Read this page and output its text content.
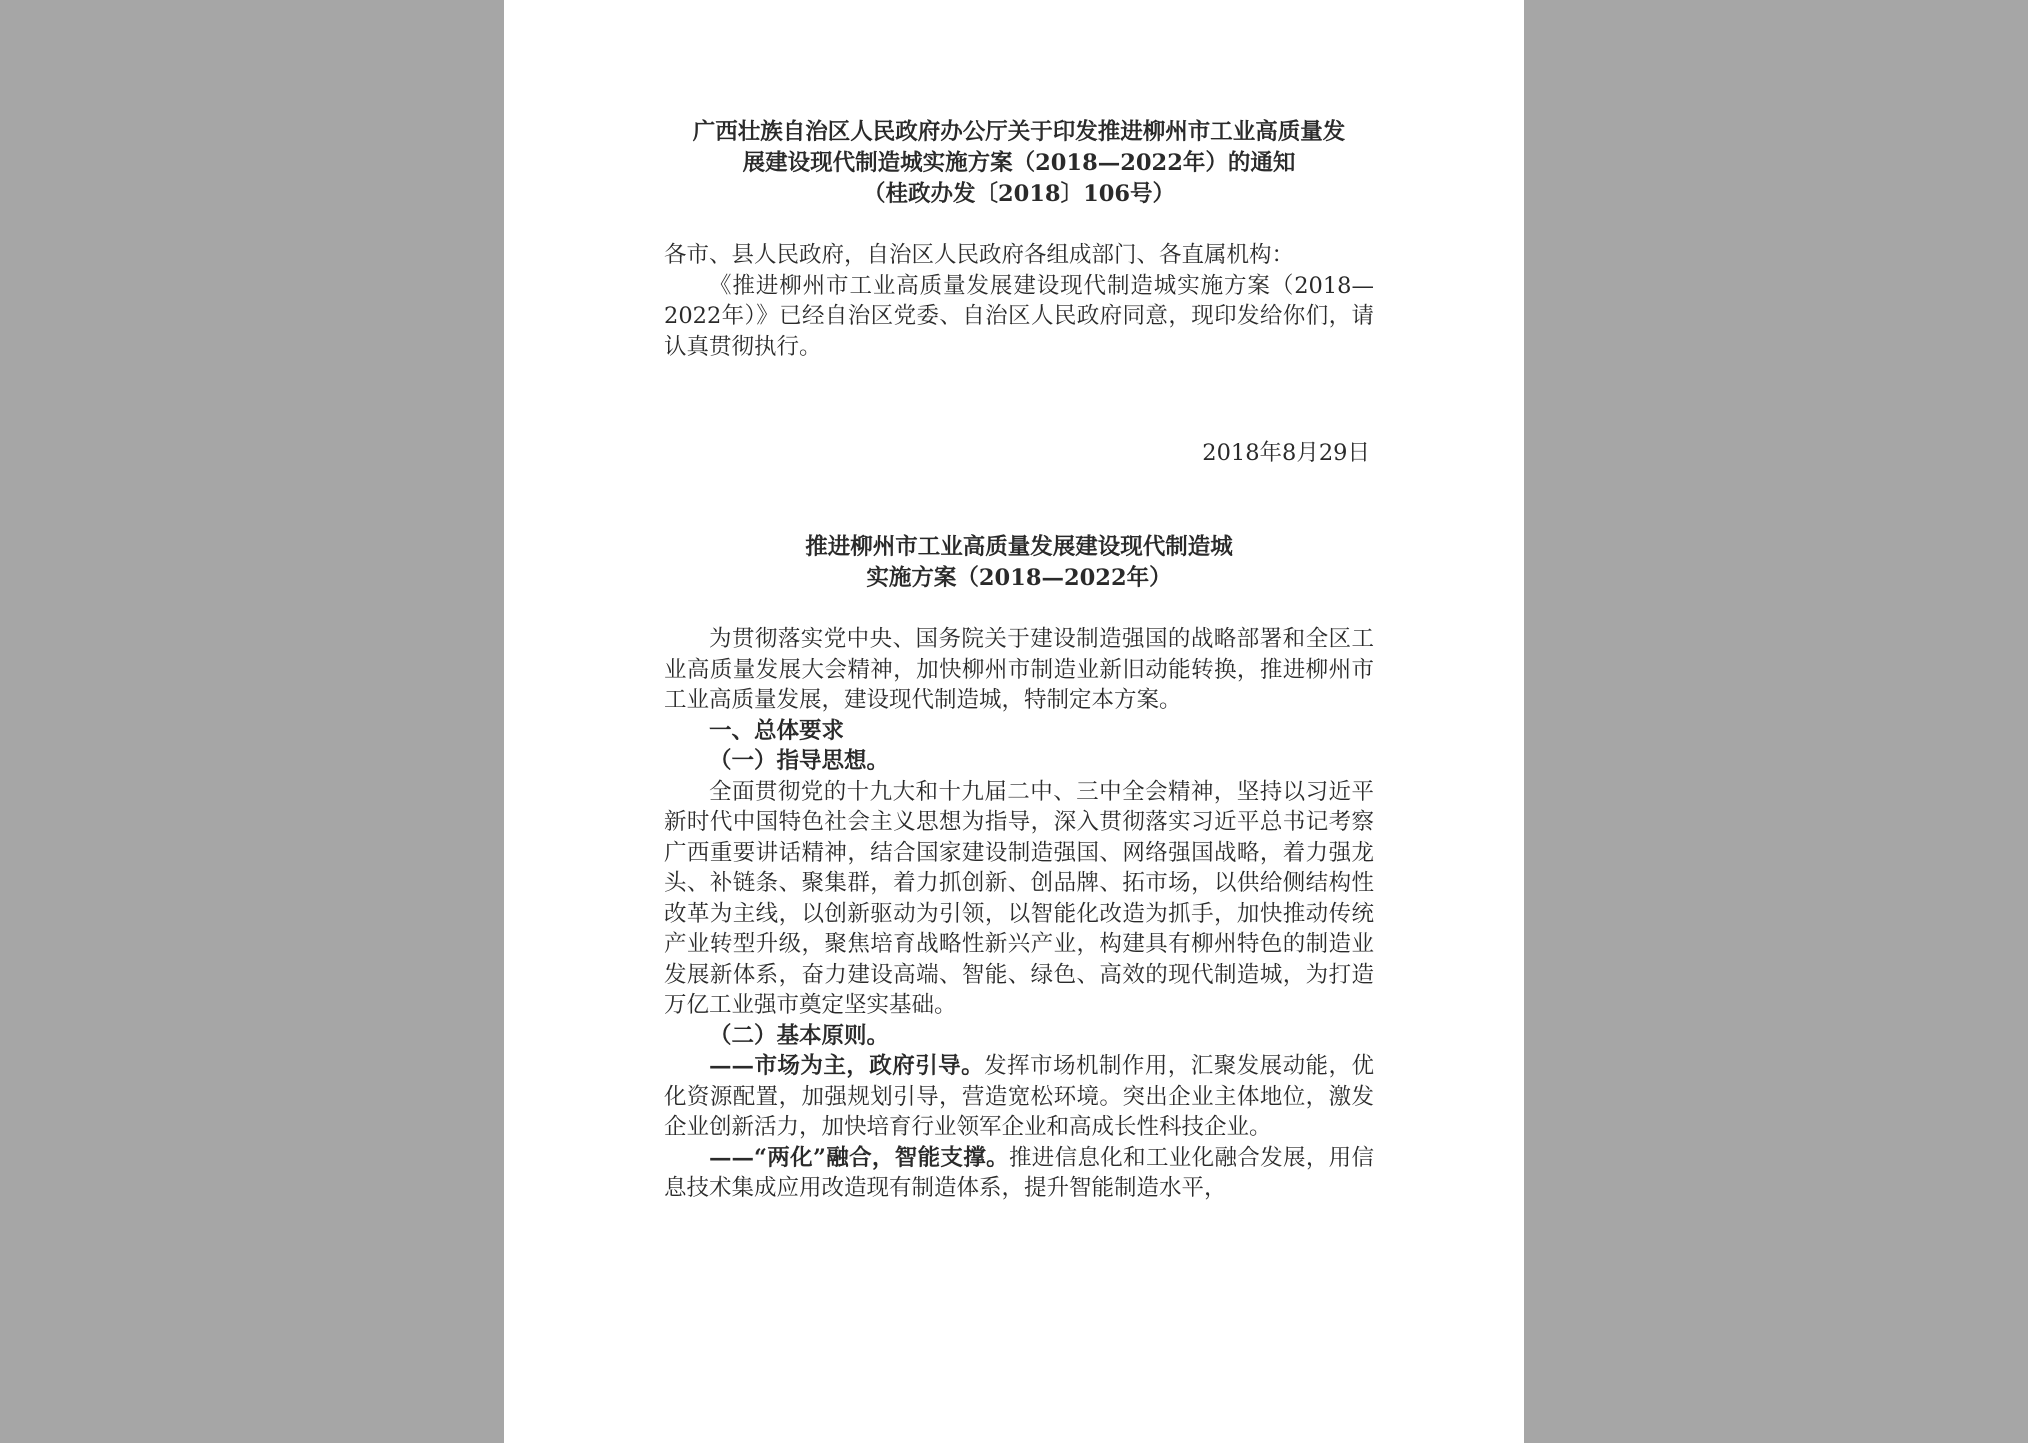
广西壮族自治区人民政府办公厅关于印发推进柳州市工业高质量发

展建设现代制造城实施方案（2018—2022年）的通知

（桂政办发〔2018〕106号）

各市、县人民政府，自治区人民政府各组成部门、各直属机构：

《推进柳州市工业高质量发展建设现代制造城实施方案（2018—2022年）》已经自治区党委、自治区人民政府同意，现印发给你们，请认真贯彻执行。

2018年8月29日

推进柳州市工业高质量发展建设现代制造城

实施方案（2018—2022年）

为贯彻落实党中央、国务院关于建设制造强国的战略部署和全区工业高质量发展大会精神，加快柳州市制造业新旧动能转换，推进柳州市工业高质量发展，建设现代制造城，特制定本方案。

一、总体要求

（一）指导思想。

全面贯彻党的十九大和十九届二中、三中全会精神，坚持以习近平新时代中国特色社会主义思想为指导，深入贯彻落实习近平总书记考察广西重要讲话精神，结合国家建设制造强国、网络强国战略，着力强龙头、补链条、聚集群，着力抓创新、创品牌、拓市场，以供给侧结构性改革为主线，以创新驱动为引领，以智能化改造为抓手，加快推动传统产业转型升级，聚焦培育战略性新兴产业，构建具有柳州特色的制造业发展新体系，奋力建设高端、智能、绿色、高效的现代制造城，为打造万亿工业强市奠定坚实基础。

（二）基本原则。

——市场为主，政府引导。发挥市场机制作用，汇聚发展动能，优化资源配置，加强规划引导，营造宽松环境。突出企业主体地位，激发企业创新活力，加快培育行业领军企业和高成长性科技企业。

——“两化”融合，智能支撑。推进信息化和工业化融合发展，用信息技术集成应用改造现有制造体系，提升智能制造水平，
